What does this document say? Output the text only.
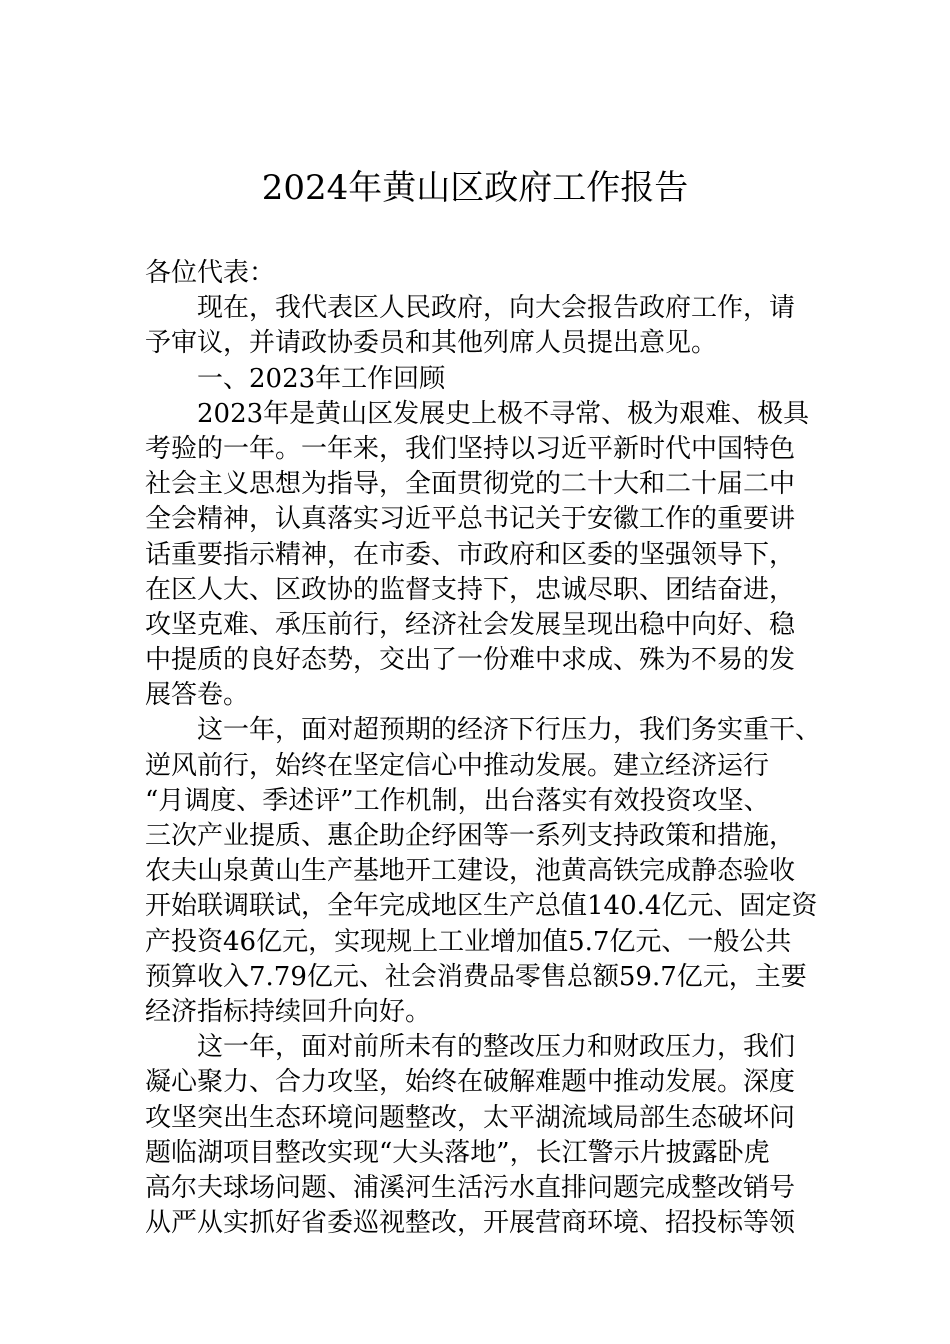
2024年黄山区政府工作报告
各位代表：
　　现在，我代表区人民政府，向大会报告政府工作，请
予审议，并请政协委员和其他列席人员提出意见。
　　一、2023年工作回顾
　　2023年是黄山区发展史上极不寻常、极为艰难、极具
考验的一年。一年来，我们坚持以习近平新时代中国特色
社会主义思想为指导，全面贯彻党的二十大和二十届二中
全会精神，认真落实习近平总书记关于安徽工作的重要讲
话重要指示精神，在市委、市政府和区委的坚强领导下，
在区人大、区政协的监督支持下，忠诚尽职、团结奋进，
攻坚克难、承压前行，经济社会发展呈现出稳中向好、稳
中提质的良好态势，交出了一份难中求成、殊为不易的发
展答卷。
　　这一年，面对超预期的经济下行压力，我们务实重干、
逆风前行，始终在坚定信心中推动发展。建立经济运行
“月调度、季述评”工作机制，出台落实有效投资攻坚、
三次产业提质、惠企助企纾困等一系列支持政策和措施，
农夫山泉黄山生产基地开工建设，池黄高铁完成静态验收
开始联调联试，全年完成地区生产总值140.4亿元、固定资
产投资46亿元，实现规上工业增加值5.7亿元、一般公共
预算收入7.79亿元、社会消费品零售总额59.7亿元，主要
经济指标持续回升向好。
　　这一年，面对前所未有的整改压力和财政压力，我们
凝心聚力、合力攻坚，始终在破解难题中推动发展。深度
攻坚突出生态环境问题整改，太平湖流域局部生态破坏问
题临湖项目整改实现“大头落地”，长江警示片披露卧虎
高尔夫球场问题、浦溪河生活污水直排问题完成整改销号
从严从实抓好省委巡视整改，开展营商环境、招投标等领
